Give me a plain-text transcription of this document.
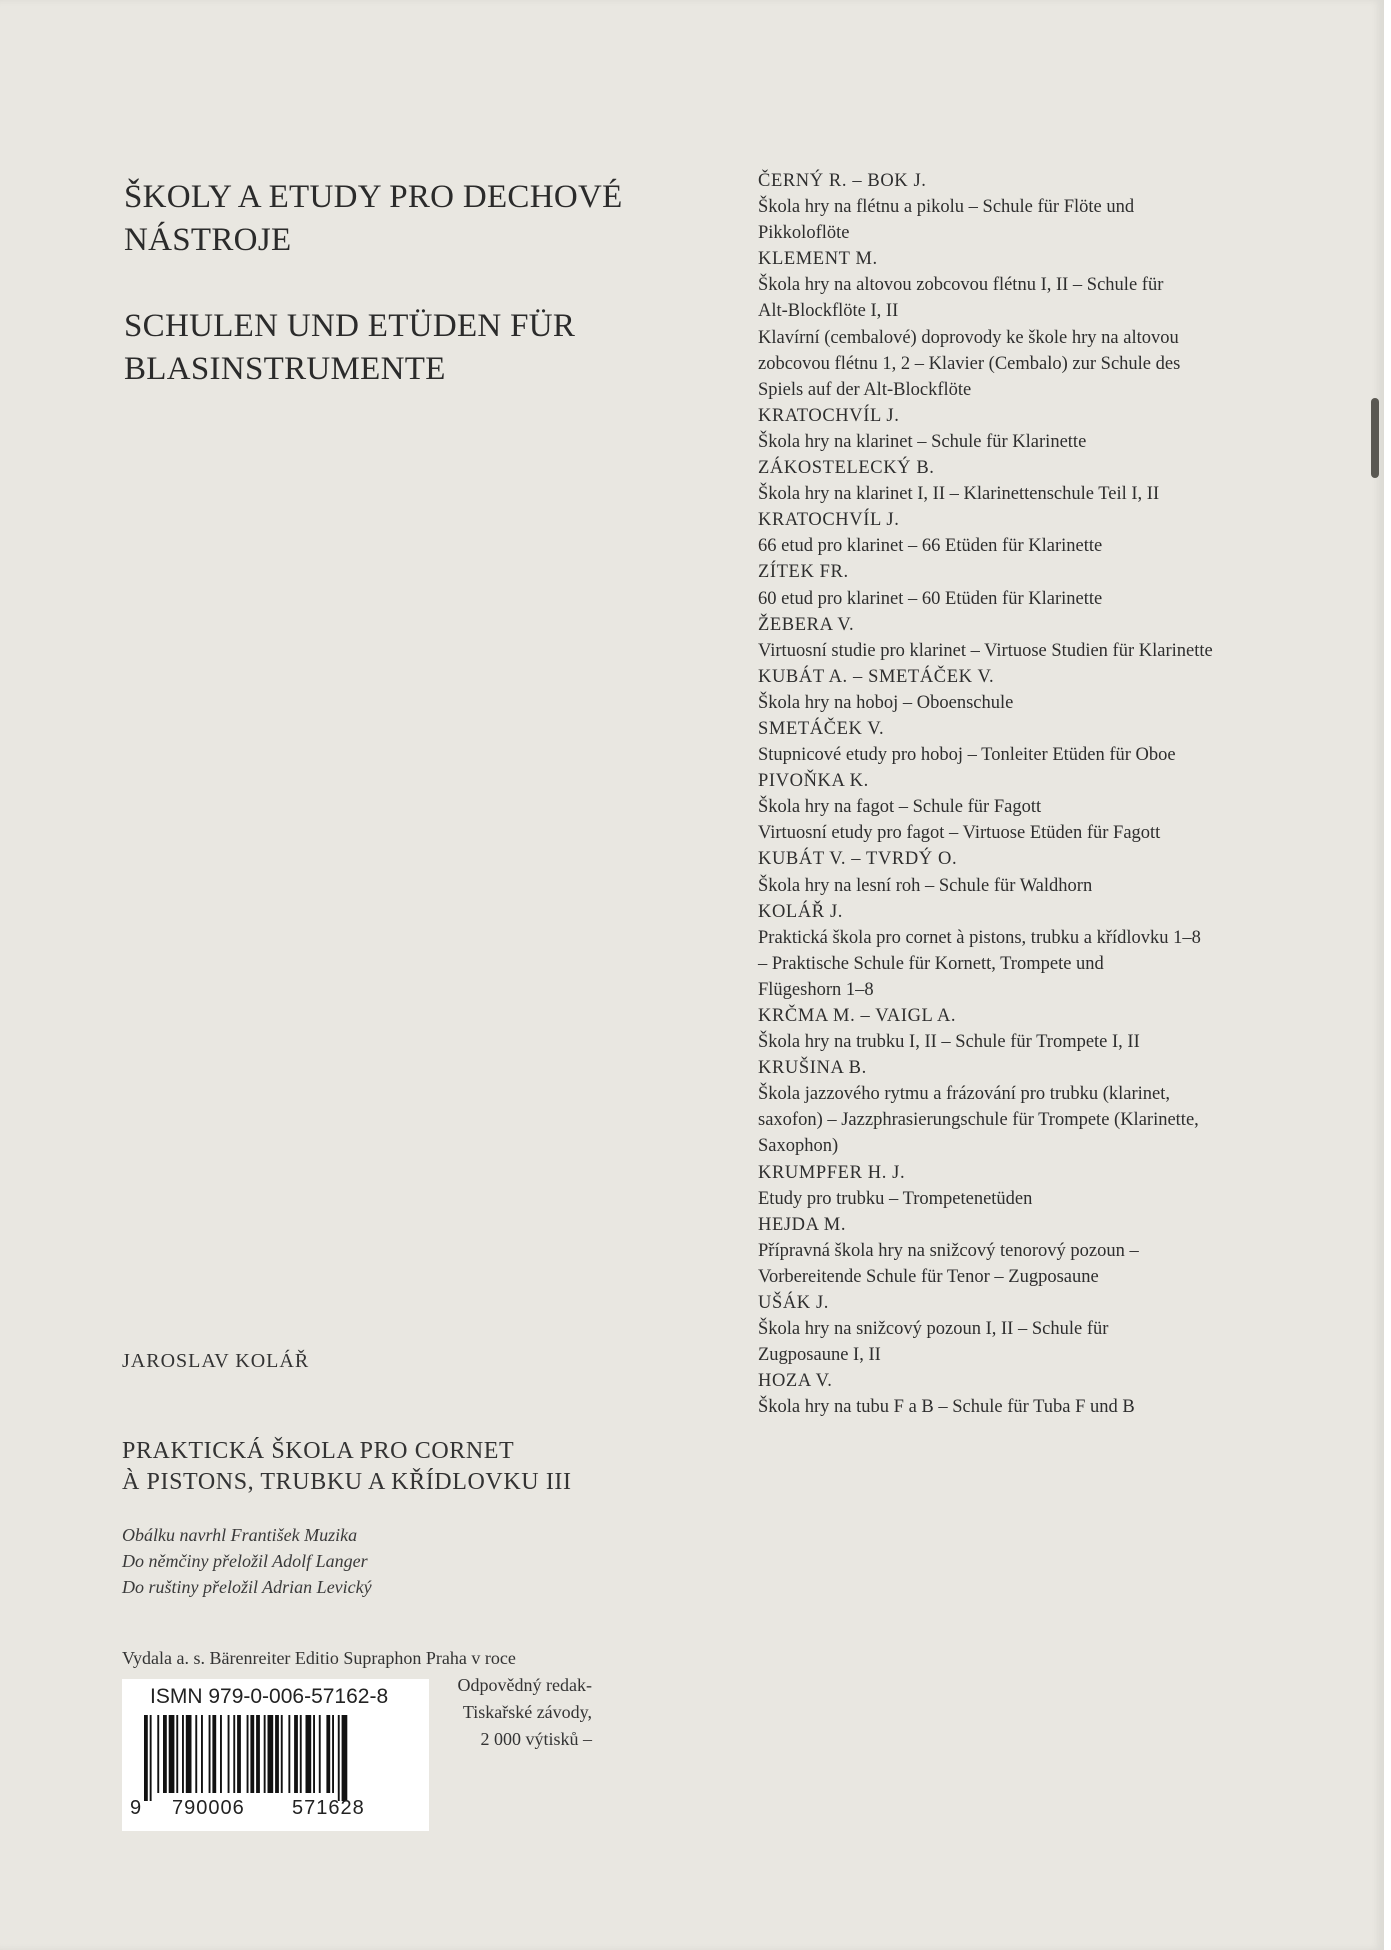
ŠKOLY A ETUDY PRO DECHOVÉ
NÁSTROJE
SCHULEN UND ETÜDEN FÜR
BLASINSTRUMENTE
JAROSLAV KOLÁŘ
PRAKTICKÁ ŠKOLA PRO CORNET
À PISTONS, TRUBKU A KŘÍDLOVKU III
Obálku navrhl František Muzika
Do němčiny přeložil Adolf Langer
Do ruštiny přeložil Adrian Levický
Vydala a. s. Bärenreiter Editio Supraphon Praha v roce
Odpovědný redak-
Tiskařské závody,
2 000 výtisků –
ISMN 979-0-006-57162-8
9 790006 571628
ČERNÝ R. – BOK J.
Škola hry na flétnu a pikolu – Schule für Flöte und
Pikkoloflöte
KLEMENT M.
Škola hry na altovou zobcovou flétnu I, II – Schule für
Alt-Blockflöte I, II
Klavírní (cembalové) doprovody ke škole hry na altovou
zobcovou flétnu 1, 2 – Klavier (Cembalo) zur Schule des
Spiels auf der Alt-Blockflöte
KRATOCHVÍL J.
Škola hry na klarinet – Schule für Klarinette
ZÁKOSTELECKÝ B.
Škola hry na klarinet I, II – Klarinettenschule Teil I, II
KRATOCHVÍL J.
66 etud pro klarinet – 66 Etüden für Klarinette
ZÍTEK FR.
60 etud pro klarinet – 60 Etüden für Klarinette
ŽEBERA V.
Virtuosní studie pro klarinet – Virtuose Studien für Klarinette
KUBÁT A. – SMETÁČEK V.
Škola hry na hoboj – Oboenschule
SMETÁČEK V.
Stupnicové etudy pro hoboj – Tonleiter Etüden für Oboe
PIVOŇKA K.
Škola hry na fagot – Schule für Fagott
Virtuosní etudy pro fagot – Virtuose Etüden für Fagott
KUBÁT V. – TVRDÝ O.
Škola hry na lesní roh – Schule für Waldhorn
KOLÁŘ J.
Praktická škola pro cornet à pistons, trubku a křídlovku 1–8
– Praktische Schule für Kornett, Trompete und
Flügeshorn 1–8
KRČMA M. – VAIGL A.
Škola hry na trubku I, II – Schule für Trompete I, II
KRUŠINA B.
Škola jazzového rytmu a frázování pro trubku (klarinet,
saxofon) – Jazzphrasierungschule für Trompete (Klarinette,
Saxophon)
KRUMPFER H. J.
Etudy pro trubku – Trompetenetüden
HEJDA M.
Přípravná škola hry na snižcový tenorový pozoun –
Vorbereitende Schule für Tenor – Zugposaune
UŠÁK J.
Škola hry na snižcový pozoun I, II – Schule für
Zugposaune I, II
HOZA V.
Škola hry na tubu F a B – Schule für Tuba F und B
